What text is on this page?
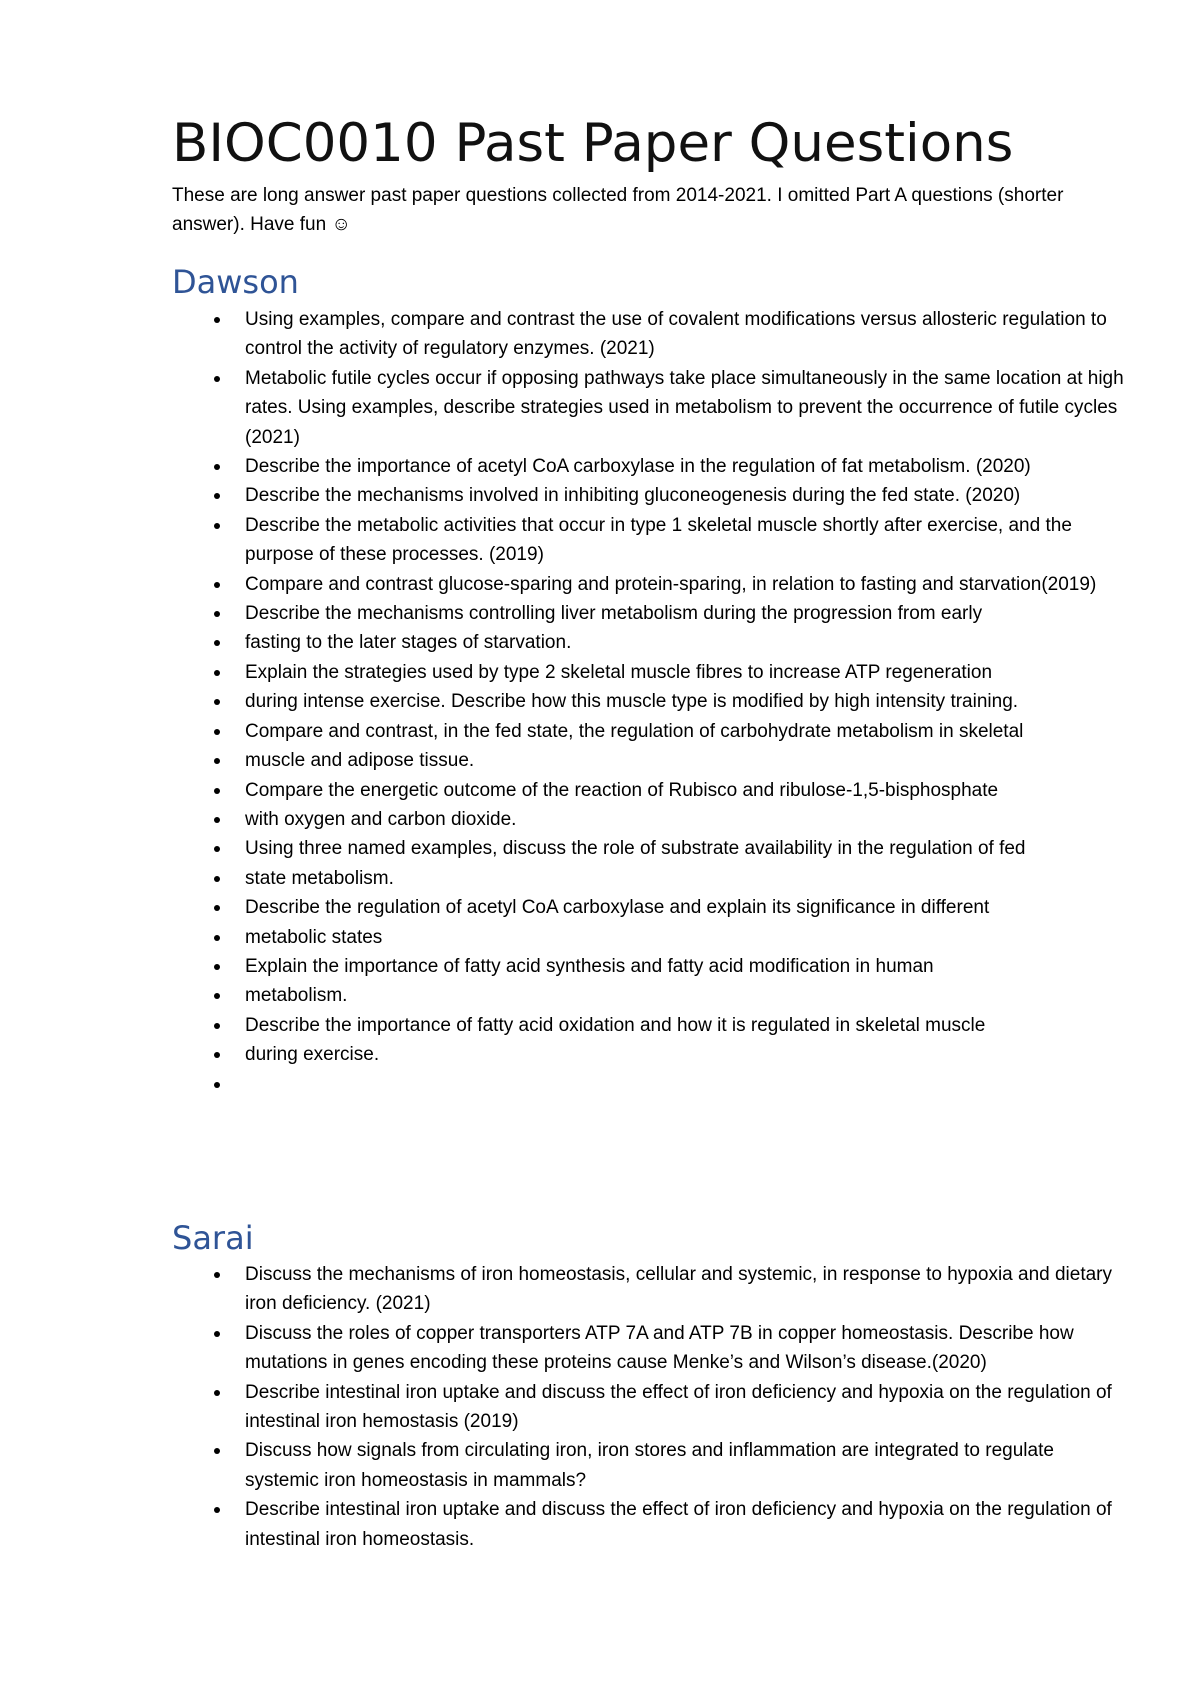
BIOC0010 Past Paper Questions

These are long answer past paper questions collected from 2014-2021. I omitted Part A questions (shorter answer). Have fun ☺

Dawson
Using examples, compare and contrast the use of covalent modifications versus allosteric regulation to control the activity of regulatory enzymes. (2021)
Metabolic futile cycles occur if opposing pathways take place simultaneously in the same location at high rates. Using examples, describe strategies used in metabolism to prevent the occurrence of futile cycles (2021)
Describe the importance of acetyl CoA carboxylase in the regulation of fat metabolism. (2020)
Describe the mechanisms involved in inhibiting gluconeogenesis during the fed state. (2020)
Describe the metabolic activities that occur in type 1 skeletal muscle shortly after exercise, and the purpose of these processes. (2019)
Compare and contrast glucose-sparing and protein-sparing, in relation to fasting and starvation(2019)
Describe the mechanisms controlling liver metabolism during the progression from early
fasting to the later stages of starvation.
Explain the strategies used by type 2 skeletal muscle fibres to increase ATP regeneration
during intense exercise. Describe how this muscle type is modified by high intensity training.
Compare and contrast, in the fed state, the regulation of carbohydrate metabolism in skeletal
muscle and adipose tissue.
Compare the energetic outcome of the reaction of Rubisco and ribulose-1,5-bisphosphate
with oxygen and carbon dioxide.
Using three named examples, discuss the role of substrate availability in the regulation of fed
state metabolism.
Describe the regulation of acetyl CoA carboxylase and explain its significance in different
metabolic states
Explain the importance of fatty acid synthesis and fatty acid modification in human
metabolism.
Describe the importance of fatty acid oxidation and how it is regulated in skeletal muscle
during exercise.
Sarai
Discuss the mechanisms of iron homeostasis, cellular and systemic, in response to hypoxia and dietary iron deficiency. (2021)
Discuss the roles of copper transporters ATP 7A and ATP 7B in copper homeostasis. Describe how mutations in genes encoding these proteins cause Menke’s and Wilson’s disease.(2020)
Describe intestinal iron uptake and discuss the effect of iron deficiency and hypoxia on the regulation of intestinal iron hemostasis (2019)
Discuss how signals from circulating iron, iron stores and inflammation are integrated to regulate systemic iron homeostasis in mammals?
Describe intestinal iron uptake and discuss the effect of iron deficiency and hypoxia on the regulation of intestinal iron homeostasis.
